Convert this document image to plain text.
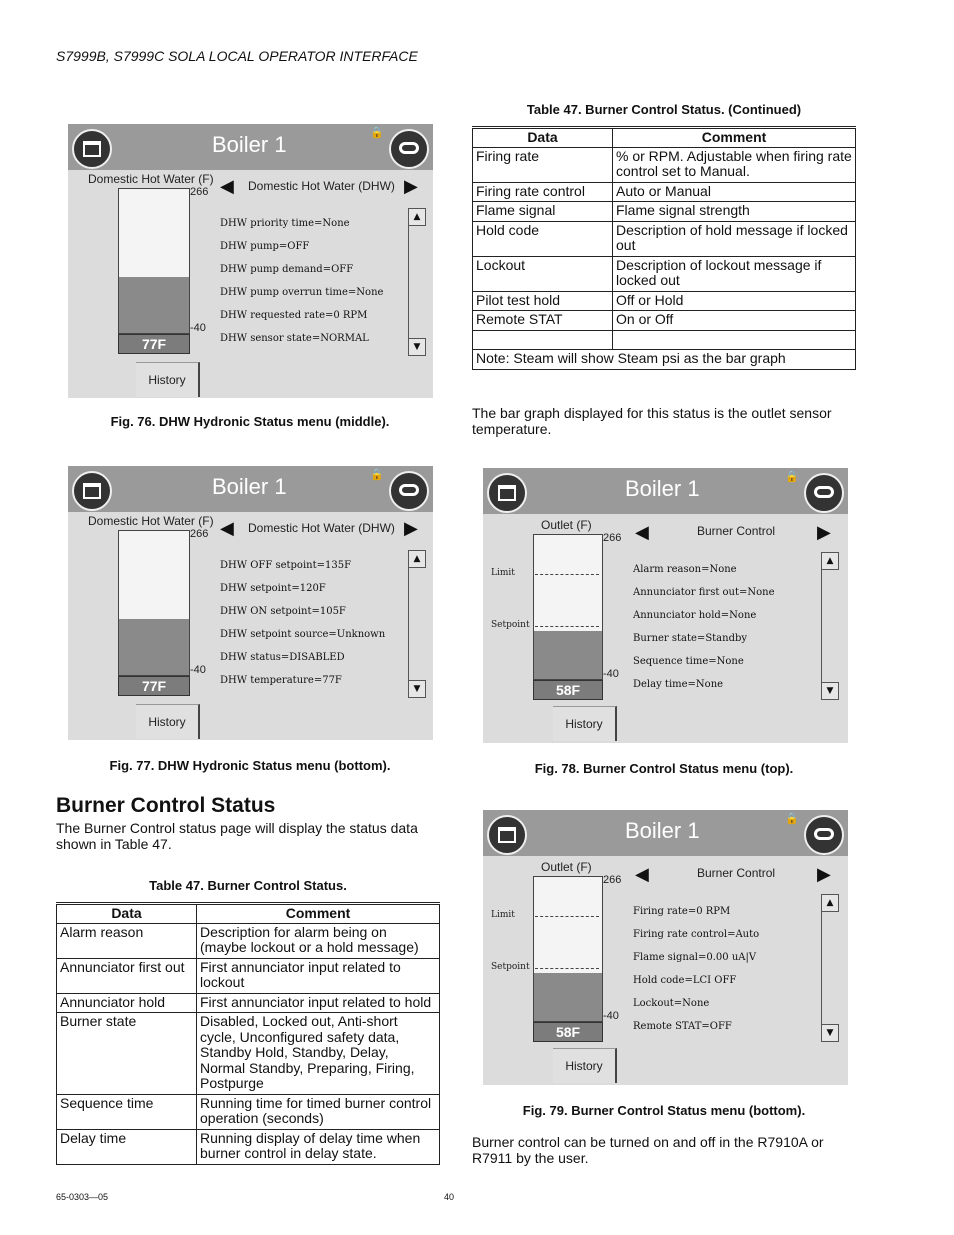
S7999B, S7999C SOLA LOCAL OPERATOR INTERFACE
Boiler 1	🔒
Domestic Hot Water (F) ◀ Domestic Hot Water (DHW) ▶
266
-40
77F
DHW priority time=None
DHW pump=OFF
DHW pump demand=OFF
DHW pump overrun time=None
DHW requested rate=0 RPM
DHW sensor state=NORMAL
▲
▼
History
Fig. 76. DHW Hydronic Status menu (middle).
Boiler 1	🔒
Domestic Hot Water (F) ◀ Domestic Hot Water (DHW) ▶
266
-40
77F
DHW OFF setpoint=135F
DHW setpoint=120F
DHW ON setpoint=105F
DHW setpoint source=Unknown
DHW status=DISABLED
DHW temperature=77F
▲
▼
History
Fig. 77. DHW Hydronic Status menu (bottom).
Boiler 1	🔒
Outlet (F) ◀	Burner Control ▶
266
-40
58F
Limit
Setpoint
Alarm reason=None
Annunciator first out=None
Annunciator hold=None
Burner state=Standby
Sequence time=None
Delay time=None
▲
▼
History
Fig. 78. Burner Control Status menu (top).
Boiler 1	🔒
Outlet (F) ◀	Burner Control ▶
266
-40
58F
Limit
Setpoint
Firing rate=0 RPM
Firing rate control=Auto
Flame signal=0.00 uA|V
Hold code=LCI OFF
Lockout=None
Remote STAT=OFF
▲
▼
History
Fig. 79. Burner Control Status menu (bottom).
Burner Control Status
The Burner Control status page will display the status data shown in Table 47.
Table 47. Burner Control Status.
Data	Comment
Alarm reason	Description for alarm being on (maybe lockout or a hold message)
Annunciator first out	First annunciator input related to lockout
Annunciator hold	First annunciator input related to hold
Burner state	Disabled, Locked out, Anti-short cycle, Unconfigured safety data, Standby Hold, Standby, Delay, Normal Standby, Preparing, Firing, Postpurge
Sequence time	Running time for timed burner control operation (seconds)
Delay time	Running display of delay time when burner control in delay state.
Table 47. Burner Control Status. (Continued)
Data	Comment
Firing rate	% or RPM. Adjustable when firing rate control set to Manual.
Firing rate control	Auto or Manual
Flame signal	Flame signal strength
Hold code	Description of hold message if locked out
Lockout	Description of lockout message if locked out
Pilot test hold	Off or Hold
Remote STAT	On or Off

Note: Steam will show Steam psi as the bar graph	
The bar graph displayed for this status is the outlet sensor temperature.
Burner control can be turned on and off in the R7910A or R7911 by the user.
65-0303—05	40
